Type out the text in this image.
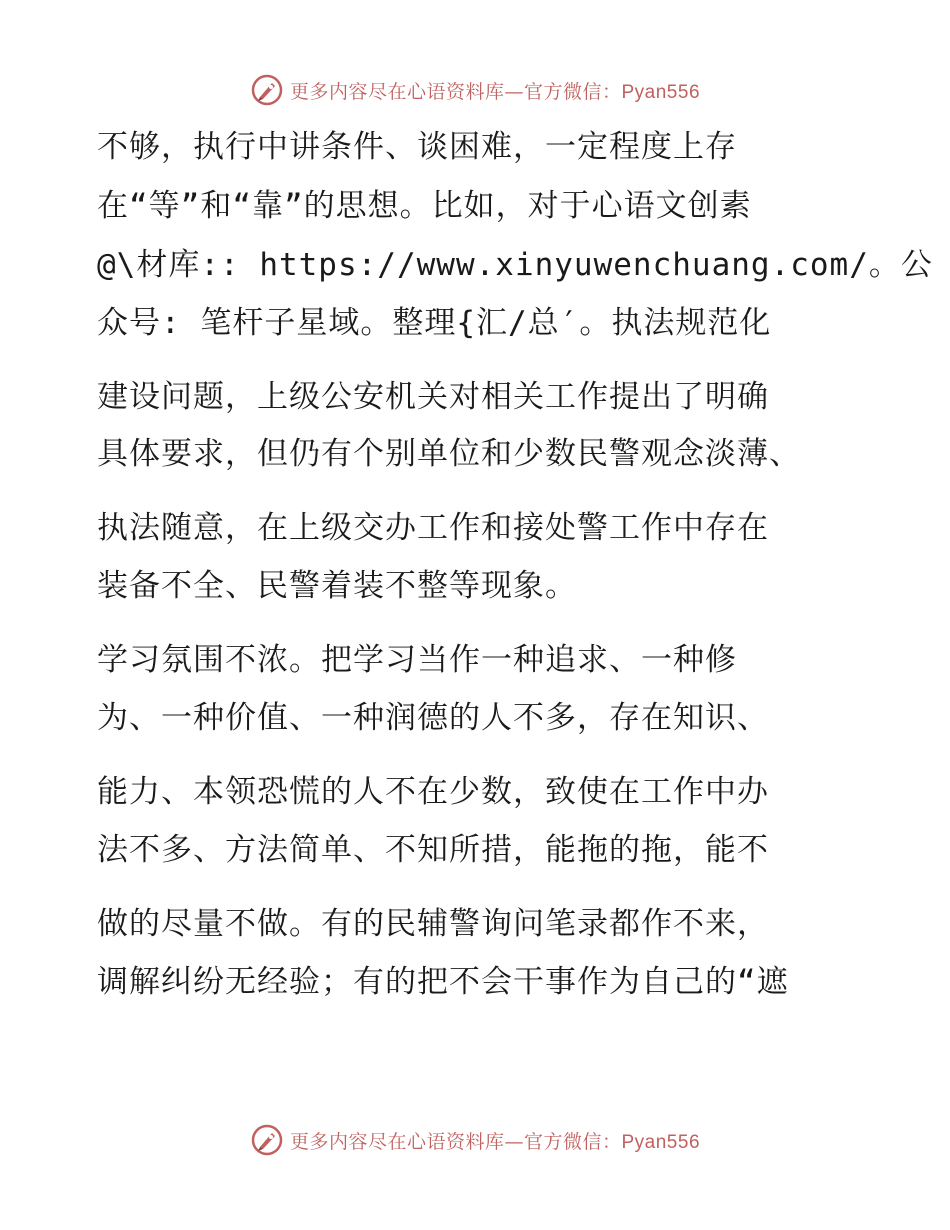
更多内容尽在心语资料库—官方微信：Pyan556
不够，执行中讲条件、谈困难，一定程度上存
在“等”和“靠”的思想。比如，对于心语文创素
@\材库:: https://www.xinyuwenchuang.com/。公
众号: 笔杆子星域。整理{汇/总′。执法规范化
建设问题，上级公安机关对相关工作提出了明确
具体要求，但仍有个别单位和少数民警观念淡薄、
执法随意，在上级交办工作和接处警工作中存在
装备不全、民警着装不整等现象。
学习氛围不浓。把学习当作一种追求、一种修
为、一种价值、一种润德的人不多，存在知识、
能力、本领恐慌的人不在少数，致使在工作中办
法不多、方法简单、不知所措，能拖的拖，能不
做的尽量不做。有的民辅警询问笔录都作不来，
调解纠纷无经验；有的把不会干事作为自己的“遮
更多内容尽在心语资料库—官方微信：Pyan556
